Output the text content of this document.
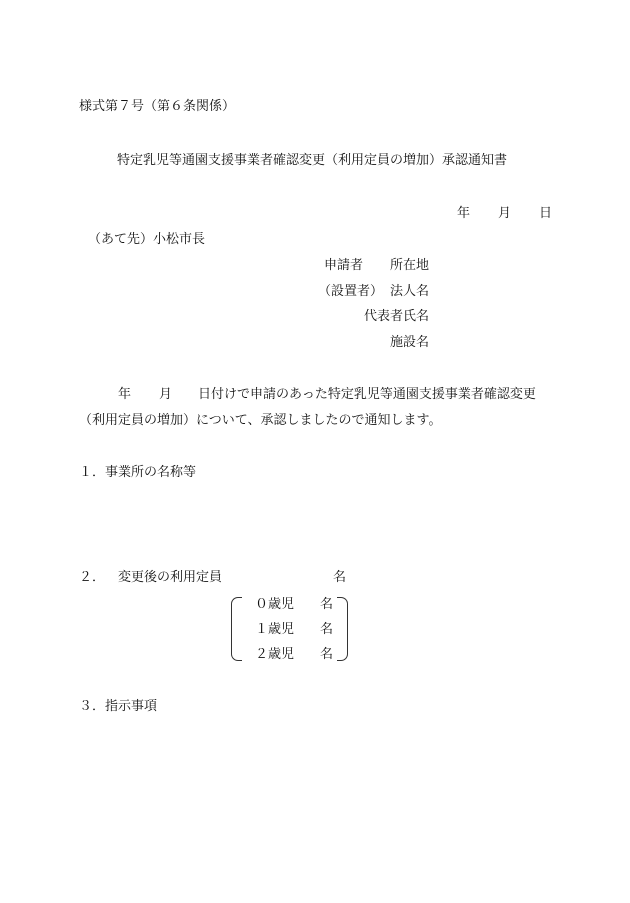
様式第７号（第６条関係）
特定乳児等通園支援事業者確認変更（利用定員の増加）承認通知書
年 月 日
（あて先）小松市長
申請者 所在地
（設置者） 法人名
代表者氏名
施設名
年 月 日付けで申請のあった特定乳児等通園支援事業者確認変更
（利用定員の増加）について、承認しましたので通知します。
１．事業所の名称等
２． 変更後の利用定員	名
０歳児 名
１歳児 名
２歳児 名
３．指示事項
